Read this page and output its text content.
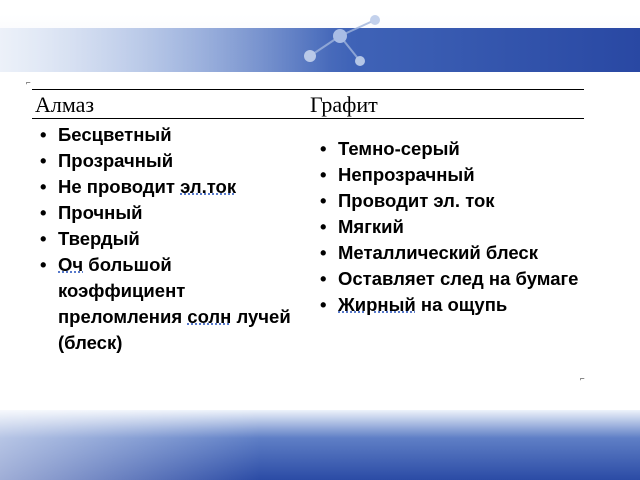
⌐
⌐
Алмаз	Графит
• Бесцветный
• Прозрачный
• Не проводит эл.ток
• Прочный
• Твердый
• Оч большой коэффициент преломления солн лучей (блеск)
• Темно-серый
• Непрозрачный
• Проводит эл. ток
• Мягкий
• Металлический блеск
• Оставляет след на бумаге
• Жирный на ощупь
